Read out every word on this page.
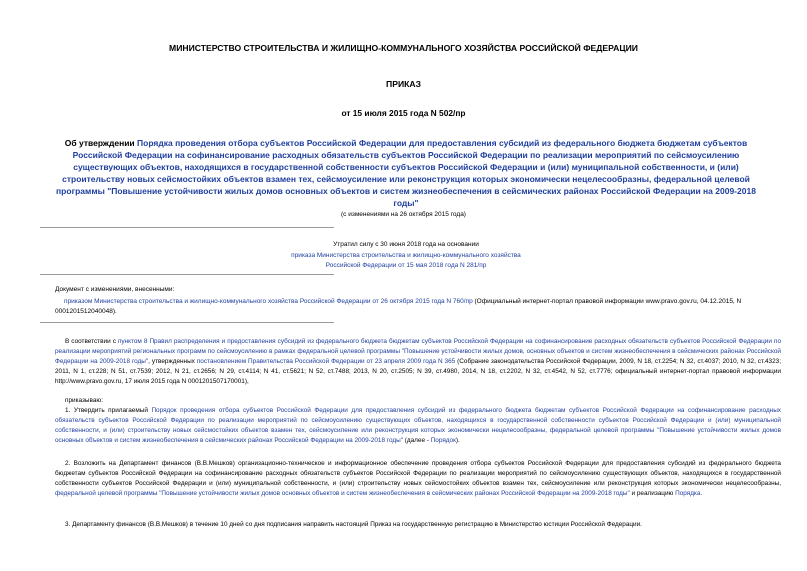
МИНИСТЕРСТВО СТРОИТЕЛЬСТВА И ЖИЛИЩНО-КОММУНАЛЬНОГО ХОЗЯЙСТВА РОССИЙСКОЙ ФЕДЕРАЦИИ
ПРИКАЗ
от 15 июля 2015 года N 502/пр
Об утверждении Порядка проведения отбора субъектов Российской Федерации для предоставления субсидий из федерального бюджета бюджетам субъектов Российской Федерации на софинансирование расходных обязательств субъектов Российской Федерации по реализации мероприятий по сейсмоусилению существующих объектов, находящихся в государственной собственности субъектов Российской Федерации и (или) муниципальной собственности, и (или) строительству новых сейсмостойких объектов взамен тех, сейсмоусиление или реконструкция которых экономически нецелесообразны, федеральной целевой программы "Повышение устойчивости жилых домов основных объектов и систем жизнеобеспечения в сейсмических районах Российской Федерации на 2009-2018 годы"
(с изменениями на 26 октября 2015 года)
Утратил силу с 30 июня 2018 года на основании
приказа Министерства строительства и жилищно-коммунального хозяйства
Российской Федерации от 15 мая 2018 года N 281/пр
Документ с изменениями, внесенными:
приказом Министерства строительства и жилищно-коммунального хозяйства Российской Федерации от 26 октября 2015 года N 760/пр (Официальный интернет-портал правовой информации www.pravo.gov.ru, 04.12.2015, N 0001201512040048).
В соответствии с пунктом 8 Правил распределения и предоставления субсидий из федерального бюджета бюджетам субъектов Российской Федерации на софинансирование расходных обязательств субъектов Российской Федерации по реализации мероприятий региональных программ по сейсмоусилению в рамках федеральной целевой программы "Повышение устойчивости жилых домов, основных объектов и систем жизнеобеспечения в сейсмических районах Российской Федерации на 2009-2018 годы", утвержденных постановлением Правительства Российской Федерации от 23 апреля 2009 года N 365 (Собрание законодательства Российской Федерации, 2009, N 18, ст.2254; N 32, ст.4037; 2010, N 32, ст.4323; 2011, N 1, ст.228; N 51, ст.7539; 2012, N 21, ст.2656; N 29, ст.4114; N 41, ст.5621; N 52, ст.7488; 2013, N 20, ст.2505; N 39, ст.4980, 2014, N 18, ст.2202, N 32, ст.4542, N 52, ст.7776; официальный интернет-портал правовой информации http://www.pravo.gov.ru, 17 июля 2015 года N 0001201507170001),
приказываю:
1. Утвердить прилагаемый Порядок проведения отбора субъектов Российской Федерации для предоставления субсидий из федерального бюджета бюджетам субъектов Российской Федерации на софинансирование расходных обязательств субъектов Российской Федерации по реализации мероприятий по сейсмоусилению существующих объектов, находящихся в государственной собственности субъектов Российской Федерации и (или) муниципальной собственности, и (или) строительству новых сейсмостойких объектов взамен тех, сейсмоусиление или реконструкция которых экономически нецелесообразны, федеральной целевой программы "Повышение устойчивости жилых домов основных объектов и систем жизнеобеспечения в сейсмических районах Российской Федерации на 2009-2018 годы" (далее - Порядок).
2. Возложить на Департамент финансов (В.В.Мешков) организационно-техническое и информационное обеспечение проведения отбора субъектов Российской Федерации для предоставления субсидий из федерального бюджета бюджетам субъектов Российской Федерации на софинансирование расходных обязательств субъектов Российской Федерации по реализации мероприятий по сейсмоусилению существующих объектов, находящихся в государственной собственности субъектов Российской Федерации и (или) муниципальной собственности, и (или) строительству новых сейсмостойких объектов взамен тех, сейсмоусиление или реконструкция которых экономически нецелесообразны, федеральной целевой программы "Повышение устойчивости жилых домов основных объектов и систем жизнеобеспечения в сейсмических районах Российской Федерации на 2009-2018 годы" и реализацию Порядка.
3. Департаменту финансов (В.В.Мешков) в течение 10 дней со дня подписания направить настоящий Приказ на государственную регистрацию в Министерство юстиции Российской Федерации.
